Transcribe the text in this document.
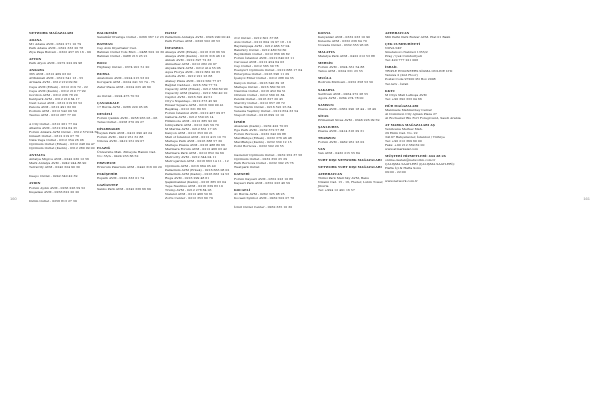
160	161
NETWORK MAĞAZALARI
ADANA
M1 Adana AVM - 0322 271 10 79
Park Adana AVM - 0322 333 20 78
Ziya Paşa Bulvarı - 0322 457 05 16 - 99
AFYON
Park Afyon AVM - 0272 222 09 98
ANKARA
365 AVM - 0312 469 03 02
ANKAmall AVM - 0312 541 13 - 55
Armada AVM - 0312 219 09 60
Cepa AVM (Erkek) - 0312 219 72 - 22
Cepa AVM (Kadın) - 0312 219 77 99
Gordion AVM - 0312 236 78 20
Kentpark AVM - 0312 219 64 17
Next Level AVM - 0312 219 63 52
Panora AVM - 0312 491 62 60
Podium AVM - 0312 542 09 59
Taurus AVM - 0312 287 77 00
A City Outlet - 0312 261 77 04
Atlantis AVM - 0312 254 64 25
Forum Ankara AVM Outlet - 0312 579 04 50
Ginsart Outlet - 0312 219 07 76
Nata Vega Outlet - 0312 354 26 06
Optimum Outlet (Erkek) - 0312 248 04 47
Optimum Outlet (Kadın) - 0312 280 09 00
ANTALYA
Antalya Migros AVM - 0242 230 12 56
Mark Antalya AVM - 0242 244 86 90
TerraCity AVM - 0242 324 90 30
Deepo Outlet - 0242 340 42 39
AYDIN
Forum Aydın AVM - 0256 226 59 52
Kuşadası AVM - 0256 622 20 20
Didim Outlet - 0256 813 27 39
BALIKESİR
Sanatkâr Prestige Outlet - 0266 367 12 23
BATMAN
Cep Avm Diyarbakır Cad.
Batman Outlet Yolu Blvd. - 0488 502 10 30
Batman Outlet - 0488 213 23 21
BOLU
Highway Outlet - 0374 201 51 20
BURSA
Anatolium AVM - 0224 215 53 02
Korupark AVM - 0224 241 53 74 - 75
Zafer Plaza AVM - 0224 225 46 60
As Outlet - 0224 475 70 52
ÇANAKKALE
17 Burda AVM - 0286 220 05 06
DENİZLİ
Forum Çamlık AVM - 0258 265 03 - 06
Teras Outlet - 0258 370 29 27
DİYARBAKIR
Ceylan Park AVM - 0412 290 43 24
Forum AVM - 0412 251 61 88
Ninova AVM - 0412 251 09 07
ELAZIĞ
Üniversite Mah. Zübeyde Hanım Cad.
No: 35/A - 0424 233 66 52
ERZURUM
Erzurum Palerium AVM - 0442 316 00 20
ESKİŞEHİR
Espark AVM - 0222 333 01 74
GAZİANTEP
Sanko Park AVM - 0342 336 66 69
HATAY
Palladium Antakya AVM - 0326 290 00 42
Park Forbes AVM - 0326 502 28 53
İSTANBUL
Akasya AVM (Erkek) - 0216 316 66 59
Akasya AVM (Kadın) - 0216 316 46 19
Akbatı AVM - 0212 397 72 33
Akmerkez AVM - 0212 282 20 97
Akyaka Park AVM - 0212 414 55 06
Aqua Florya AVM - 0212 662 20 65
Astoria AVM - 0212 221 23 68
Atakey Plaza AVM - 0212 560 77 07
Bağdat Caddesi - 0216 359 77 72
Capacity AVM (Erkek) - 0212 560 60 90
Capacity AVM (Kadın) - 0212 560 40 10
Capitol AVM - 0216 391 49 51
City's Nişantaşı - 0212 373 45 90
Emaar Square AVM - 0216 300 90 41
Beşiktaş - 0212 321 80 63
Forum İstanbul AVM - 0212 467 09 67
Galleria AVM - 0212 559 03 14
Hillsinode AVM - 0212 385 92 00
İstinyePark AVM - 0212 345 59 70
M Marina AVM - 0212 651 17 03
Kanyon AVM - 0212 353 00 21
Mall of İstanbul AVM - 0212 415 10 73
Maltepe Park AVM - 0216 388 57 30
Maltepe Piazza AVM - 0216 488 80 66
Marmara Forum AVM - 0212 466 03 42
Marmara Park AVM - 0212 852 34 69
Metrocity AVM - 0212 344 04 11
Metrogarden AVM - 0216 663 14 11 - 12
Optimum AVM - 0216 664 05 40
Palladium AVM (Erkek) - 0216 663 08 02
Palladium AVM (Kadın) - 0216 663 14 53
Ruga AVM - 0216 299 48 61
Şaşkınbakkal (Kadın) - 0216 385 03 04
Tepe Nautilus AVM - 0216 339 83 19
Trump AVM - 0212 278 84 03
Vialand AVM - 0212 466 50 61
Zorlu Center - 0212 353 60 79
212 Outlet - 0212 601 37 68
Axis Outlet - 0212 604 19 97 18 - 19
Bayrampaşa AVM - 0212 466 57 04
Bakırköy Outlet - 0212 480 50 60
Beylikdüzü Outlet - 0212 856 96 82
Forum İstanbul AVM - 0212 640 03 11
Carousel AVM - 0212 454 64 03
Cep Outlet - 0212 565 30 78
Esenyurt Optimum Outlet - 0212 686 17 64
Enterprise Outlet - 0216 596 11 29
İpekyol Etiler Outlet - 0212 288 04 35
Kanyon Outlet - 0216 540 39 18
Maltepe Outlet - 0216 560 50 05
Nautilus Outlet - 0216 452 84 51
Olivium Outlet - 0212 560 01 84
Pendik Outlet - 0216 327 20 45
Starcity Outlet - 0212 657 28 72
Tuzla Marin Outlet - 0216 591 25 64
Venezia Yeşilköy Outlet - 0212 654 33 54
Viaport Outlet - 0216 699 12 10
İZMİR
Alsancak (Kadın) - 0232 422 70 05
Ege Park AVM - 0232 372 57 88
Forum Bornova - 0232 342 09 88
MaviBahçe (Erkek) - 0232 376 46 48
MaviBahçe (Kadın) - 0232 330 12 15
Point Bornova - 0232 502 20 55
Gaziemir Optimum Outlet - 0232 252 37 56
Optimum Outlet - 0232 350 25 29
Park Bornova Outlet - 0232 392 25 76
Westpark Outlet
KAYSERİ
Forum Kayseri AVM - 0352 223 10 86
Kayseri Park AVM - 0352 223 46 59
KOCAELİ
41 Burda AVM - 0262 325 08 25
Kocaeli Symbol AVM - 0262 502 07 76
İzmit Outlet Center - 0262 335 10 30
KONYA
Kenyalılar AVM - 0332 233 10 90
Kulesite AVM - 0332 236 64 70
Novada Outlet - 0332 353 93 06
MALATYA
Malatya Park AVM - 0422 212 53 88
MERSİN
Forum AVM - 0324 331 54 88
Tarsu AVM - 0324 331 23 55
MUĞLA
Bodrum Midtown - 0252 358 53 50
SAKARYA
Serdivan AVM - 0264 272 28 55
Agora AVM - 0264 274 78 00
SAMSUN
Piazza AVM - 0362 290 18 44 - 18 49
SİVAS
Primemall Sivas AVM - 0346 226 09 59
ŞANLIURFA
Piazza AVM - 0414 316 29 31
TRABZON
Forum AVM - 0462 261 23 02
VAN
Van AVM - 0432 215 55 84
YURT DIŞI NETWORK MAĞAZALARI
NETWORK YURT DIŞI MAĞAZALARI
AZERBAYCAN
Tbilisi Park Mall Sky AVM, Baku
Nizami Cad. 15 - 16, Fleder, Lubin Tower,
Jiburia
Tel: +994 12 491 16 57
AZERBAYCAN
Mili Parki Park Bulvar AVM. Elat 01 Bakü
ÇEK CUMHURİYETİ
NOVA SKY
Smetanovo Nabrezi 1355/2
Prag / Çek Cumhuriyeti
Tel: 420 777 221 006
İSRAİL
TRIPLE ENGINEERS SİGMA ONLINE LTD
Yanuva 2 (2nd Floor)
Postal Code 97200 PO Box 2008
Tel Aviv - İsrail
KKTC
M Citys Mall Lefkoşa AVM
Tel: +90 392 333 04 66
HÜR MAĞAZALARI
Manmade Mahmutbey Center
Al Dominion City Ajman Plaza 27
Al Rochester Blu Fort Foreground, Saudi Arabia
AT MARKA MAĞAZALARI AŞ
Yenibosna Merkez Mah.
29 Ekim Cad. No. 22
34197 Bahçelievler, İstanbul / Türkiye
Tel: +90 212 369 60 00
Faks: +90 212 369 62 00
www.atmarkalar.com
MÜŞTERİ HİZMETLERİ: 444 28 26
online.destek@networkn.com.tr
ÇALIŞMA SAATLERİ (ÇALIŞMA SAATLERİ):
Hafta İçi & Hafta Sonu
09:00 - 22:00
www.network.com.tr
